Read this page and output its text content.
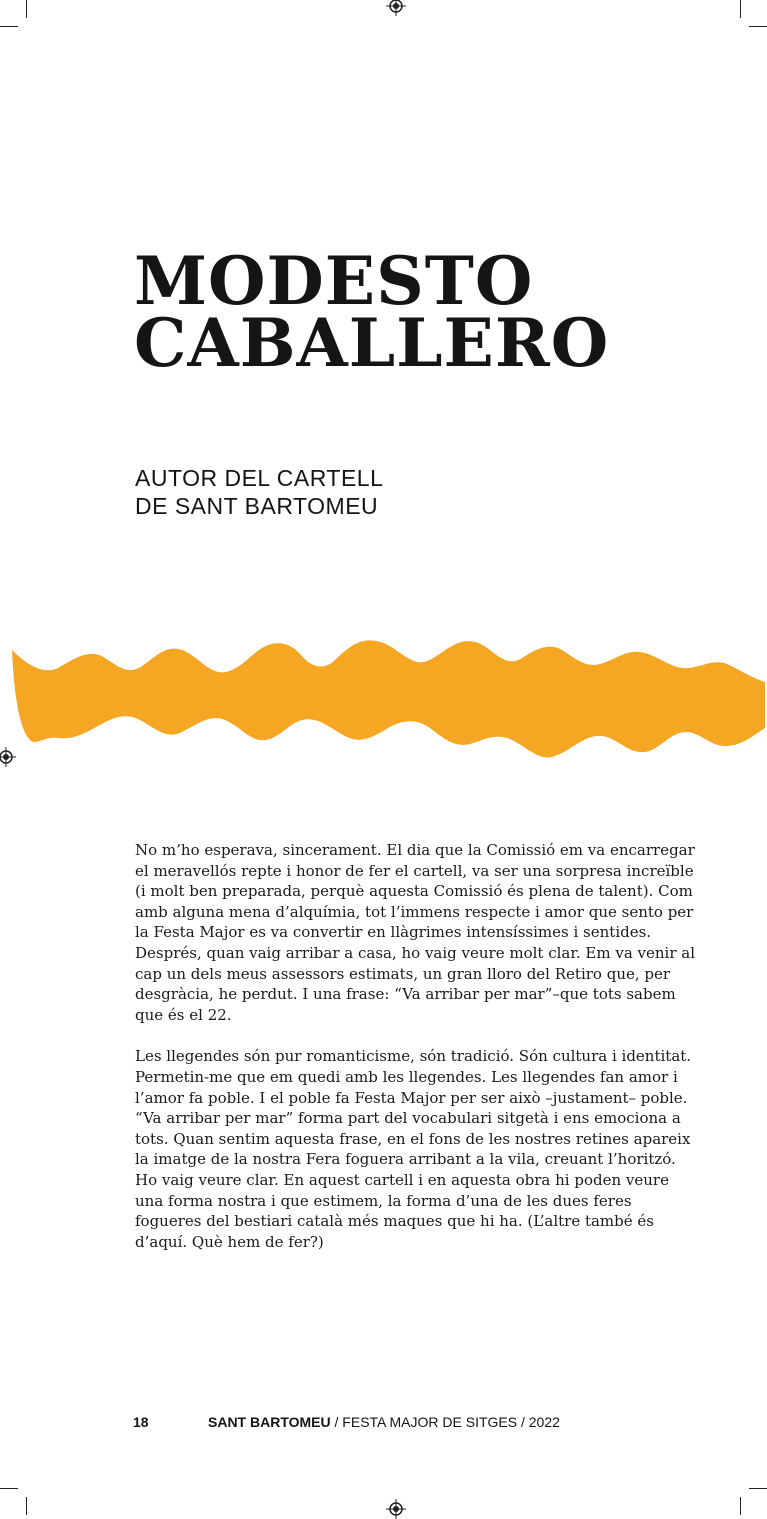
MODESTO
CABALLERO
AUTOR DEL CARTELL
DE SANT BARTOMEU

No m’ho esperava, sincerament. El dia que la Comissió em va encarregar el meravellós repte i honor de fer el cartell, va ser una sorpresa increïble (i molt ben preparada, perquè aquesta Comissió és plena de talent). Com amb alguna mena d’alquímia, tot l’immens respecte i amor que sento per la Festa Major es va convertir en llàgrimes intensíssimes i sentides. Després, quan vaig arribar a casa, ho vaig veure molt clar. Em va venir al cap un dels meus assessors estimats, un gran lloro del Retiro que, per desgràcia, he perdut. I una frase: “Va arribar per mar”–que tots sabem que és el 22.

Les llegendes són pur romanticisme, són tradició. Són cultura i identitat. Permetin-me que em quedi amb les llegendes. Les llegendes fan amor i l’amor fa poble. I el poble fa Festa Major per ser això –justament– poble. “Va arribar per mar” forma part del vocabulari sitgetà i ens emociona a tots. Quan sentim aquesta frase, en el fons de les nostres retines apareix la imatge de la nostra Fera foguera arribant a la vila, creuant l’horitzó. Ho vaig veure clar. En aquest cartell i en aquesta obra hi poden veure una forma nostra i que estimem, la forma d’una de les dues feres fogueres del bestiari català més maques que hi ha. (L’altre també és d’aquí. Què hem de fer?)

18	SANT BARTOMEU / FESTA MAJOR DE SITGES / 2022
